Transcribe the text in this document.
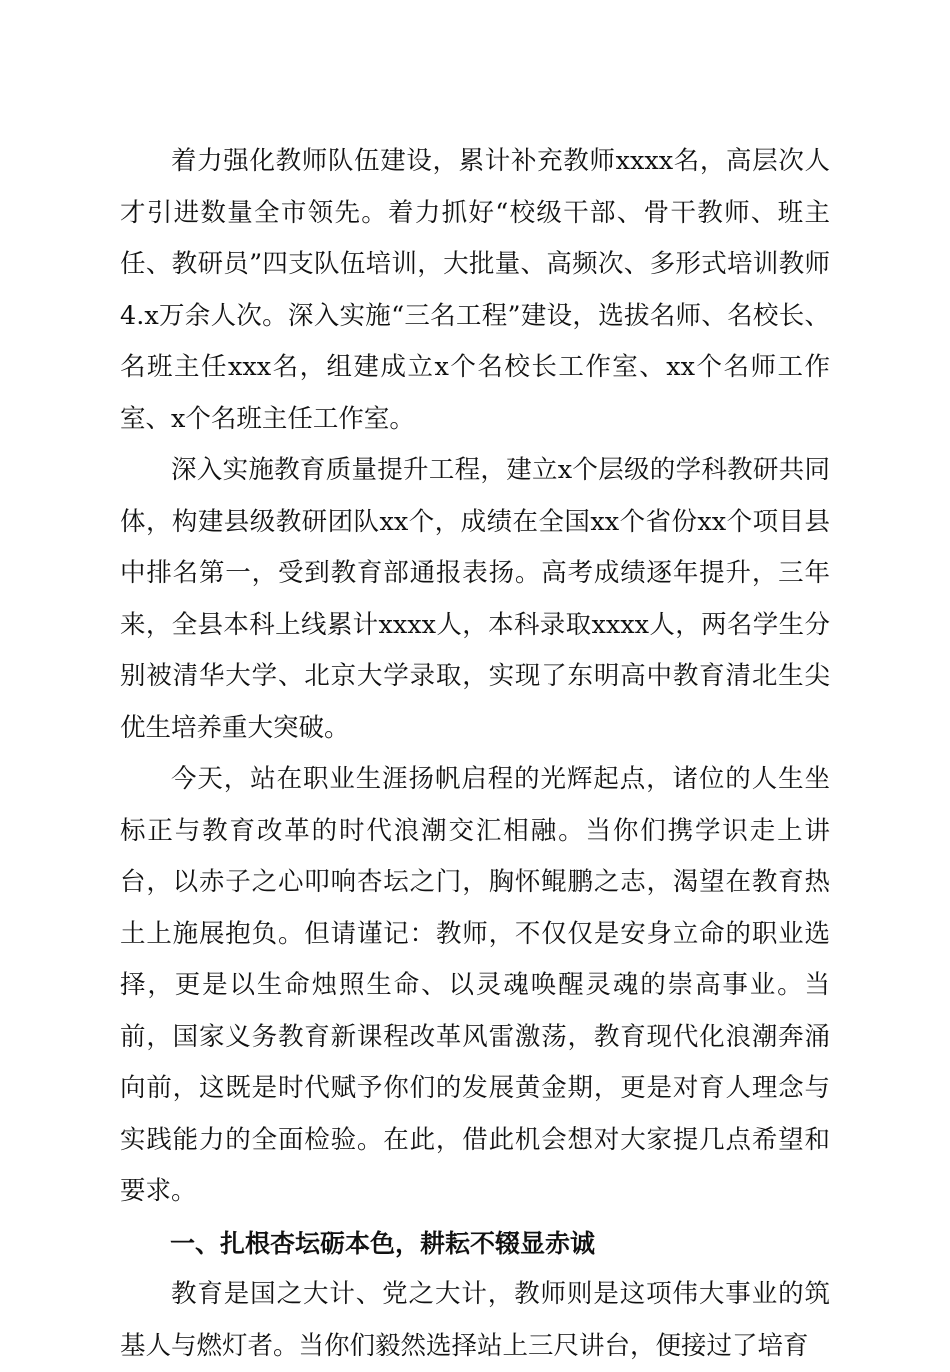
着力强化教师队伍建设，累计补充教师xxxx名，高层次人才引进数量全市领先。着力抓好“校级干部、骨干教师、班主任、教研员”四支队伍培训，大批量、高频次、多形式培训教师4.x万余人次。深入实施“三名工程”建设，选拔名师、名校长、名班主任xxx名，组建成立x个名校长工作室、xx个名师工作室、x个名班主任工作室。

深入实施教育质量提升工程，建立x个层级的学科教研共同体，构建县级教研团队xx个，成绩在全国xx个省份xx个项目县中排名第一，受到教育部通报表扬。高考成绩逐年提升，三年来，全县本科上线累计xxxx人，本科录取xxxx人，两名学生分别被清华大学、北京大学录取，实现了东明高中教育清北生尖优生培养重大突破。

今天，站在职业生涯扬帆启程的光辉起点，诸位的人生坐标正与教育改革的时代浪潮交汇相融。当你们携学识走上讲台，以赤子之心叩响杏坛之门，胸怀鲲鹏之志，渴望在教育热土上施展抱负。但请谨记：教师，不仅仅是安身立命的职业选择，更是以生命烛照生命、以灵魂唤醒灵魂的崇高事业。当前，国家义务教育新课程改革风雷激荡，教育现代化浪潮奔涌向前，这既是时代赋予你们的发展黄金期，更是对育人理念与实践能力的全面检验。在此，借此机会想对大家提几点希望和要求。

一、扎根杏坛砺本色，耕耘不辍显赤诚

教育是国之大计、党之大计，教师则是这项伟大事业的筑基人与燃灯者。当你们毅然选择站上三尺讲台，便接过了培育
